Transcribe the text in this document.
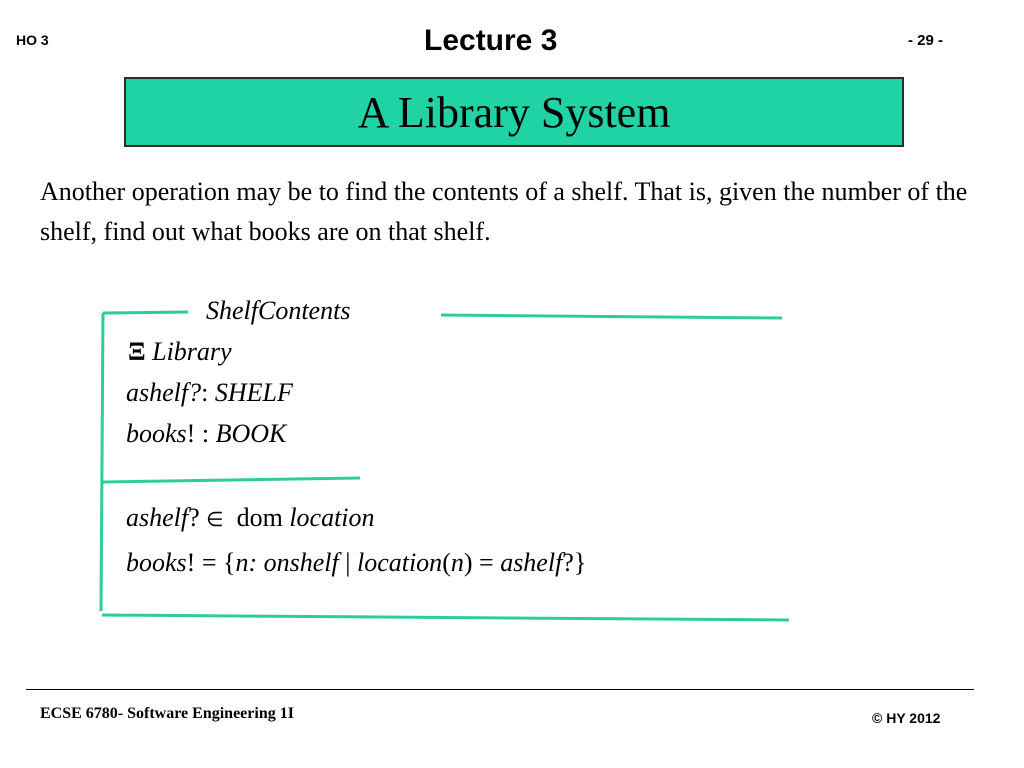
HO 3	Lecture 3	- 29 -
A Library System
Another operation may be to find the contents of a shelf. That is, given the number of the shelf, find out what books are on that shelf.
ShelfContents
Ξ Library
ashelf?: SHELF
books! : BOOK
ashelf? ∈ dom location
books! = {n: onshelf | location(n) = ashelf?}
ECSE 6780- Software Engineering 1I	© HY 2012
